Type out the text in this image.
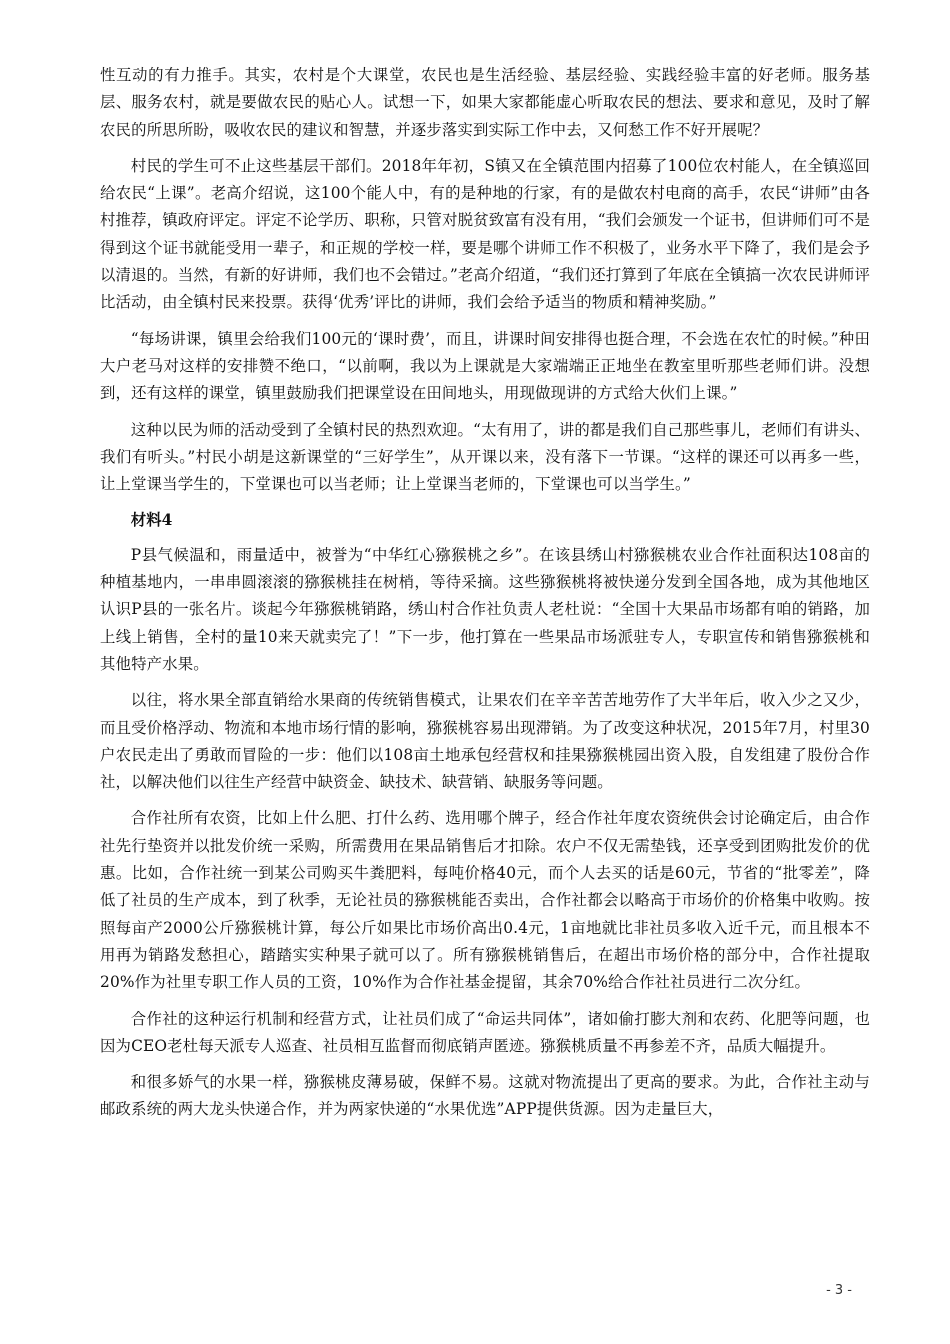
性互动的有力推手。其实，农村是个大课堂，农民也是生活经验、基层经验、实践经验丰富的好老师。服务基层、服务农村，就是要做农民的贴心人。试想一下，如果大家都能虚心听取农民的想法、要求和意见，及时了解农民的所思所盼，吸收农民的建议和智慧，并逐步落实到实际工作中去，又何愁工作不好开展呢？

村民的学生可不止这些基层干部们。2018年年初，S镇又在全镇范围内招募了100位农村能人，在全镇巡回给农民“上课”。老高介绍说，这100个能人中，有的是种地的行家，有的是做农村电商的高手，农民“讲师”由各村推荐，镇政府评定。评定不论学历、职称，只管对脱贫致富有没有用，“我们会颁发一个证书，但讲师们可不是得到这个证书就能受用一辈子，和正规的学校一样，要是哪个讲师工作不积极了，业务水平下降了，我们是会予以清退的。当然，有新的好讲师，我们也不会错过。”老高介绍道，“我们还打算到了年底在全镇搞一次农民讲师评比活动，由全镇村民来投票。获得‘优秀’评比的讲师，我们会给予适当的物质和精神奖励。”

“每场讲课，镇里会给我们100元的‘课时费’，而且，讲课时间安排得也挺合理，不会选在农忙的时候。”种田大户老马对这样的安排赞不绝口，“以前啊，我以为上课就是大家端端正正地坐在教室里听那些老师们讲。没想到，还有这样的课堂，镇里鼓励我们把课堂设在田间地头，用现做现讲的方式给大伙们上课。”

这种以民为师的活动受到了全镇村民的热烈欢迎。“太有用了，讲的都是我们自己那些事儿，老师们有讲头、我们有听头。”村民小胡是这新课堂的“三好学生”，从开课以来，没有落下一节课。“这样的课还可以再多一些，让上堂课当学生的，下堂课也可以当老师；让上堂课当老师的，下堂课也可以当学生。”

材料4

P县气候温和，雨量适中，被誉为“中华红心猕猴桃之乡”。在该县绣山村猕猴桃农业合作社面积达108亩的种植基地内，一串串圆滚滚的猕猴桃挂在树梢，等待采摘。这些猕猴桃将被快递分发到全国各地，成为其他地区认识P县的一张名片。谈起今年猕猴桃销路，绣山村合作社负责人老杜说：“全国十大果品市场都有咱的销路，加上线上销售，全村的量10来天就卖完了！”下一步，他打算在一些果品市场派驻专人，专职宣传和销售猕猴桃和其他特产水果。

以往，将水果全部直销给水果商的传统销售模式，让果农们在辛辛苦苦地劳作了大半年后，收入少之又少，而且受价格浮动、物流和本地市场行情的影响，猕猴桃容易出现滞销。为了改变这种状况，2015年7月，村里30户农民走出了勇敢而冒险的一步：他们以108亩土地承包经营权和挂果猕猴桃园出资入股，自发组建了股份合作社，以解决他们以往生产经营中缺资金、缺技术、缺营销、缺服务等问题。

合作社所有农资，比如上什么肥、打什么药、选用哪个牌子，经合作社年度农资统供会讨论确定后，由合作社先行垫资并以批发价统一采购，所需费用在果品销售后才扣除。农户不仅无需垫钱，还享受到团购批发价的优惠。比如，合作社统一到某公司购买牛粪肥料，每吨价格40元，而个人去买的话是60元，节省的“批零差”，降低了社员的生产成本，到了秋季，无论社员的猕猴桃能否卖出，合作社都会以略高于市场价的价格集中收购。按照每亩产2000公斤猕猴桃计算，每公斤如果比市场价高出0.4元，1亩地就比非社员多收入近千元，而且根本不用再为销路发愁担心，踏踏实实种果子就可以了。所有猕猴桃销售后，在超出市场价格的部分中，合作社提取20%作为社里专职工作人员的工资，10%作为合作社基金提留，其余70%给合作社社员进行二次分红。

合作社的这种运行机制和经营方式，让社员们成了“命运共同体”，诸如偷打膨大剂和农药、化肥等问题，也因为CEO老杜每天派专人巡查、社员相互监督而彻底销声匿迹。猕猴桃质量不再参差不齐，品质大幅提升。

和很多娇气的水果一样，猕猴桃皮薄易破，保鲜不易。这就对物流提出了更高的要求。为此，合作社主动与邮政系统的两大龙头快递合作，并为两家快递的“水果优选”APP提供货源。因为走量巨大，

- 3 -
